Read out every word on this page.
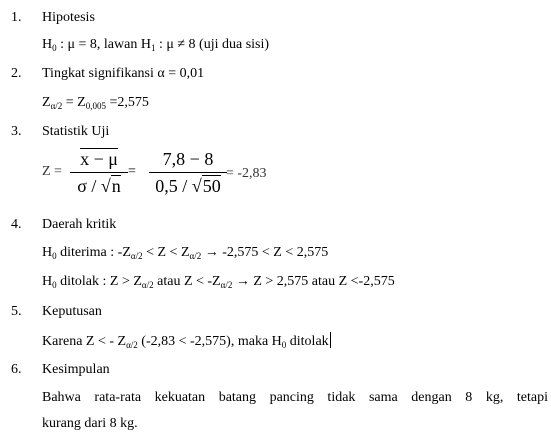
1. Hipotesis
$H_0$ : μ = 8, lawan $H_1$ : μ ≠ 8 (uji dua sisi)
2. Tingkat signifikansi α = 0,01
$Z_{\alpha/2} = Z_{0,005} =2,575$
3. Statistik Uji
$Z = \frac{x - \mu}{\sigma / √n} = \frac{7,8 - 8}{0,5 / √50} = -2,83$
4. Daerah kritik
$H_0$ diterima : $-Z_{\alpha/2} < Z < Z_{\alpha/2} \to -2,575 < Z < 2,575$
$H_0$ ditolak : $Z > Z_{\alpha/2}$ atau $Z < -Z_{\alpha/2} \to Z > 2,575$ atau Z <-2,575
5. Keputusan
Karena Z < - $Z_{\alpha/2}$ (-2,83 < -2,575), maka $H_0$ ditolak
6. Kesimpulan
Bahwa rata-rata kekuatan batang pancing tidak sama dengan 8 kg, tetapi
kurang dari 8 kg.
